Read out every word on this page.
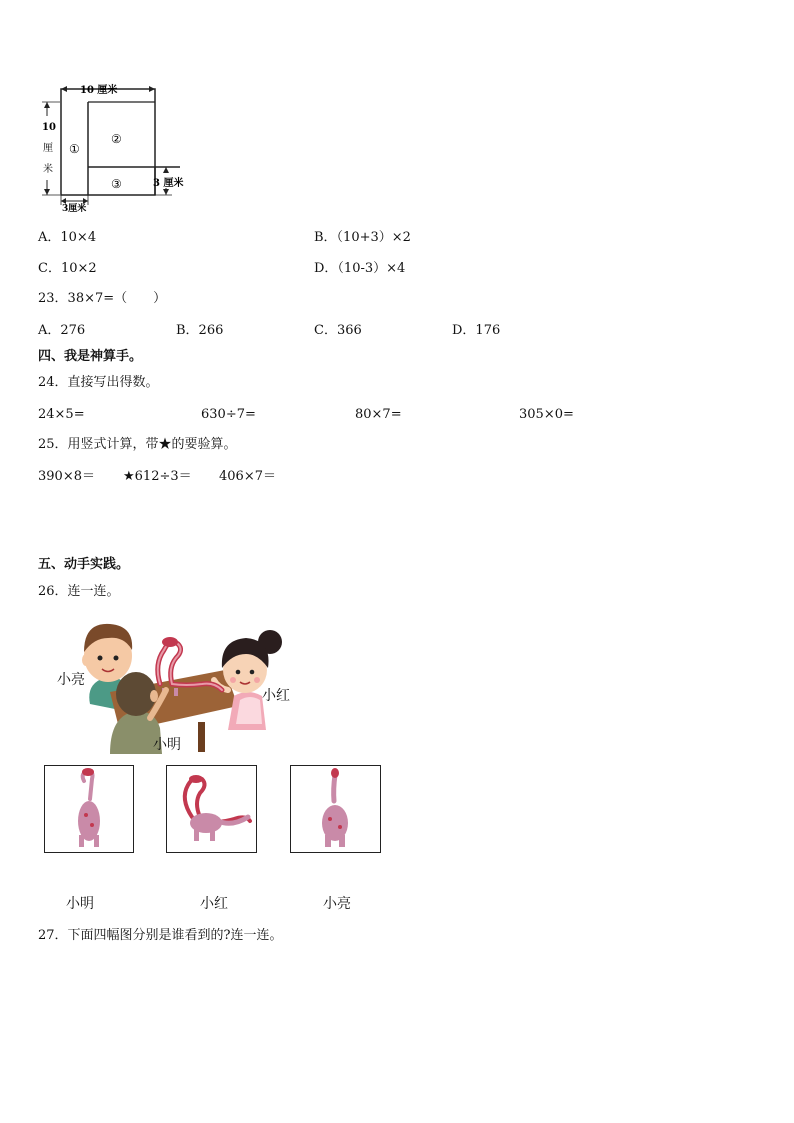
10 厘米
10
厘
米
3 厘米
3厘米
①
②
③
A．10×4	B．（10+3）×2
C．10×2	D．（10-3）×4
23．38×7=（　　）
A．276	B．266	C．366	D．176
四、我是神算手。
24．直接写出得数。
24×5=	630÷7=	80×7=	305×0=
25．用竖式计算，带★的要验算。
390×8＝ ★612÷3＝ 406×7＝
五、动手实践。
26．连一连。
小亮
小红
小明
小明	小红	小亮
27．下面四幅图分别是谁看到的?连一连。
